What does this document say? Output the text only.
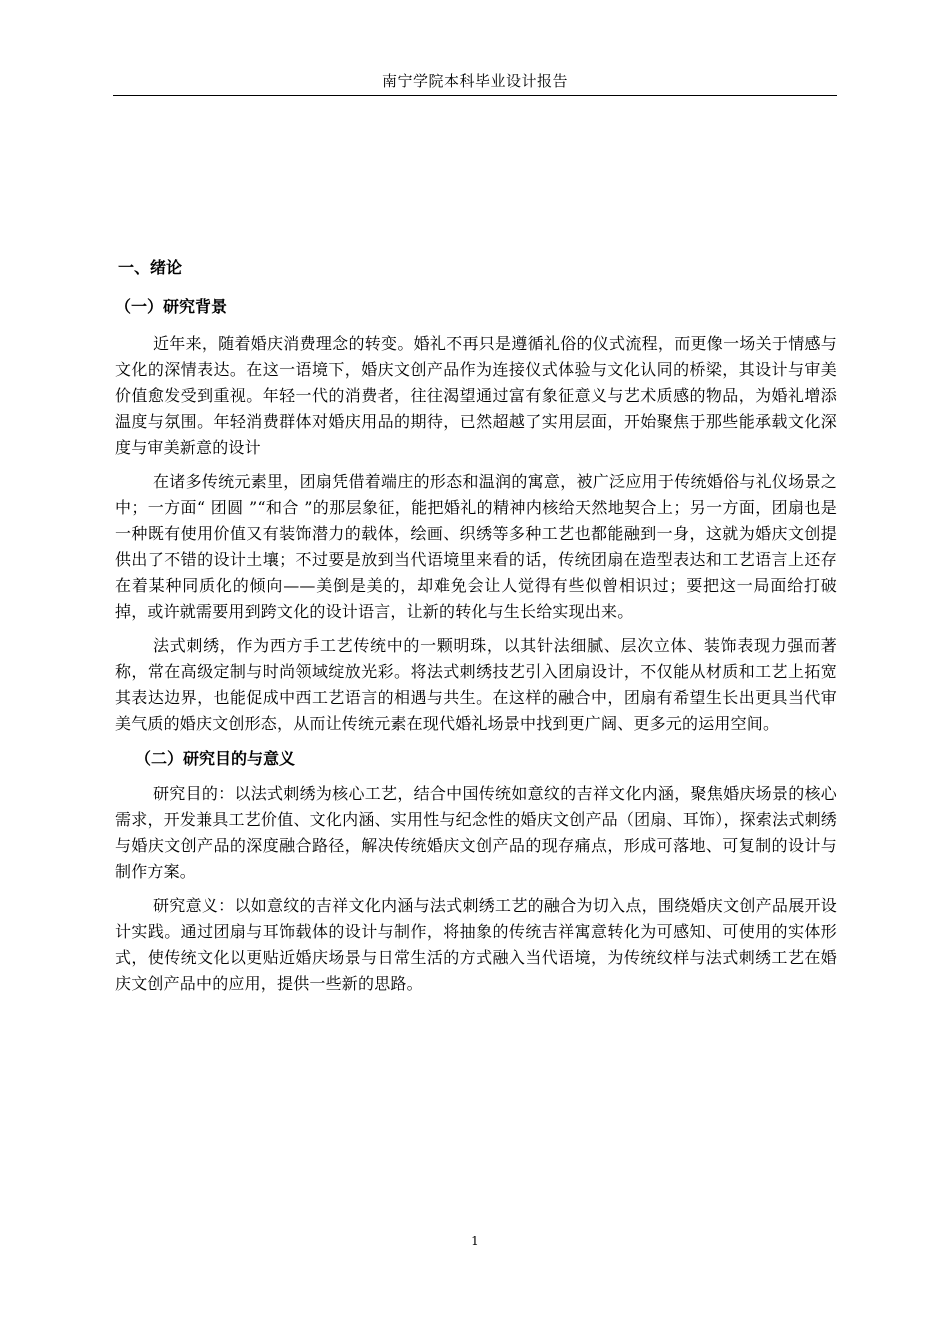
南宁学院本科毕业设计报告
一、绪论
（一）研究背景

近年来，随着婚庆消费理念的转变。婚礼不再只是遵循礼俗的仪式流程，而更像一场关于情感与文化的深情表达。在这一语境下，婚庆文创产品作为连接仪式体验与文化认同的桥梁，其设计与审美价值愈发受到重视。年轻一代的消费者，往往渴望通过富有象征意义与艺术质感的物品，为婚礼增添温度与氛围。年轻消费群体对婚庆用品的期待，已然超越了实用层面，开始聚焦于那些能承载文化深度与审美新意的设计

在诸多传统元素里，团扇凭借着端庄的形态和温润的寓意，被广泛应用于传统婚俗与礼仪场景之中；一方面“ 团圆 ”“和合 ”的那层象征，能把婚礼的精神内核给天然地契合上；另一方面，团扇也是一种既有使用价值又有装饰潜力的载体，绘画、织绣等多种工艺也都能融到一身，这就为婚庆文创提供出了不错的设计土壤；不过要是放到当代语境里来看的话，传统团扇在造型表达和工艺语言上还存在着某种同质化的倾向——美倒是美的，却难免会让人觉得有些似曾相识过；要把这一局面给打破掉，或许就需要用到跨文化的设计语言，让新的转化与生长给实现出来。

法式刺绣，作为西方手工艺传统中的一颗明珠，以其针法细腻、层次立体、装饰表现力强而著称，常在高级定制与时尚领域绽放光彩。将法式刺绣技艺引入团扇设计，不仅能从材质和工艺上拓宽其表达边界，也能促成中西工艺语言的相遇与共生。在这样的融合中，团扇有希望生长出更具当代审美气质的婚庆文创形态，从而让传统元素在现代婚礼场景中找到更广阔、更多元的运用空间。

（二）研究目的与意义

研究目的：以法式刺绣为核心工艺，结合中国传统如意纹的吉祥文化内涵，聚焦婚庆场景的核心需求，开发兼具工艺价值、文化内涵、实用性与纪念性的婚庆文创产品（团扇、耳饰），探索法式刺绣与婚庆文创产品的深度融合路径，解决传统婚庆文创产品的现存痛点，形成可落地、可复制的设计与制作方案。

研究意义：以如意纹的吉祥文化内涵与法式刺绣工艺的融合为切入点，围绕婚庆文创产品展开设计实践。通过团扇与耳饰载体的设计与制作，将抽象的传统吉祥寓意转化为可感知、可使用的实体形式，使传统文化以更贴近婚庆场景与日常生活的方式融入当代语境，为传统纹样与法式刺绣工艺在婚庆文创产品中的应用，提供一些新的思路。

1
